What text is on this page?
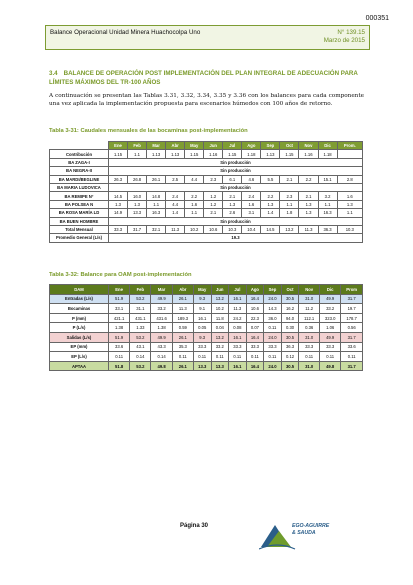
000351
Balance Operacional Unidad Minera Huachocolpa Uno	N° 139.15
Marzo de 2015
3.4 BALANCE DE OPERACIÓN POST IMPLEMENTACIÓN DEL PLAN INTEGRAL DE ADECUACIÓN PARA LÍMITES MÁXIMOS DEL TR-100 AÑOS
A continuación se presentan las Tablas 3.31, 3.32, 3.34, 3.35 y 3.36 con los balances para cada componente una vez aplicada la implementación propuesta para escenarios húmedos con 100 años de retorno.
Tabla 3-31: Caudales mensuales de las bocaminas post-implementación
	Ene	Feb	Mar	Abr	May	Jun	Jul	Ago	Sep	Oct	Nov	Dic	Prom.
Contribución	1.15	1.1	1.13	1.13	1.15	1.16	1.15	1.18	1.13	1.15	1.16	1.18	
BA ZAGA-I	Sin producción												
BA NEGRA-II	Sin producción												
BA MARDI/BEGLINE	26.3	26.8	26.1	2.5	4.4	2.3	6.1	4.6	5.5	2.1	2.2	15.1	2.8
BA MARIA LUDOVICA	Sin producción												
BA REMIPE N°	14.5	16.0	14.8	2.4	2.2	1.2	2.1	2.4	2.2	2.3	2.1	3.2	1.6
BA POLSEA N	1.3	1.3	1.1	4.4	1.6	1.2	1.3	1.6	1.3	1.1	1.3	1.1	1.3
BA ROSA MARÍA LD	14.9	13.3	16.3	1.4	1.1	2.1	2.6	3.1	1.4	1.8	1.3	16.3	1.1
BA BUEN HOMBRE	Sin producción												
Total Mensual	33.3	31.7	32.1	11.3	10.2	10.6	10.3	10.4	14.5	13.2	11.3	36.3	10.3
Promedio General (L/s)	19.3												
Tabla 3-32: Balance para OAM post-implementación
DAM	Ene	Feb	Mar	Abr	May	Jun	Jul	Ago	Sep	Oct	Nov	Dic	Prom
Entradas (L/s)	51.9	53.2	49.9	26.1	9.3	13.2	16.1	16.4	24.0	30.5	31.0	49.9	31.7
Bocaminas	33.1	31.1	33.2	11.3	9.1	10.2	11.3	10.6	14.3	16.2	11.2	33.2	19.7
P (mm)	421.1	431.1	431.6	189.3	16.1	11.8	24.2	22.3	36.0	94.0	112.1	323.0	178.7
P (L/s)	1.38	1.33	1.38	0.59	0.05	0.04	0.08	0.07	0.11	0.30	0.36	1.06	0.56
Salidas (L/s)	51.9	53.2	49.9	26.1	9.3	13.2	16.1	16.4	24.0	30.5	31.0	49.9	31.7
EP (mm)	33.6	43.1	43.3	35.3	33.3	33.2	33.3	33.3	33.3	36.3	33.3	33.3	33.6
EP (L/s)	0.11	0.14	0.14	0.11	0.11	0.11	0.11	0.11	0.11	0.12	0.11	0.11	0.11
APTAA	51.8	53.2	49.8	26.1	13.3	13.3	16.1	16.4	24.0	30.5	31.0	49.8	31.7
Página 30	EGO-AGUIRRE
& SAUDA
